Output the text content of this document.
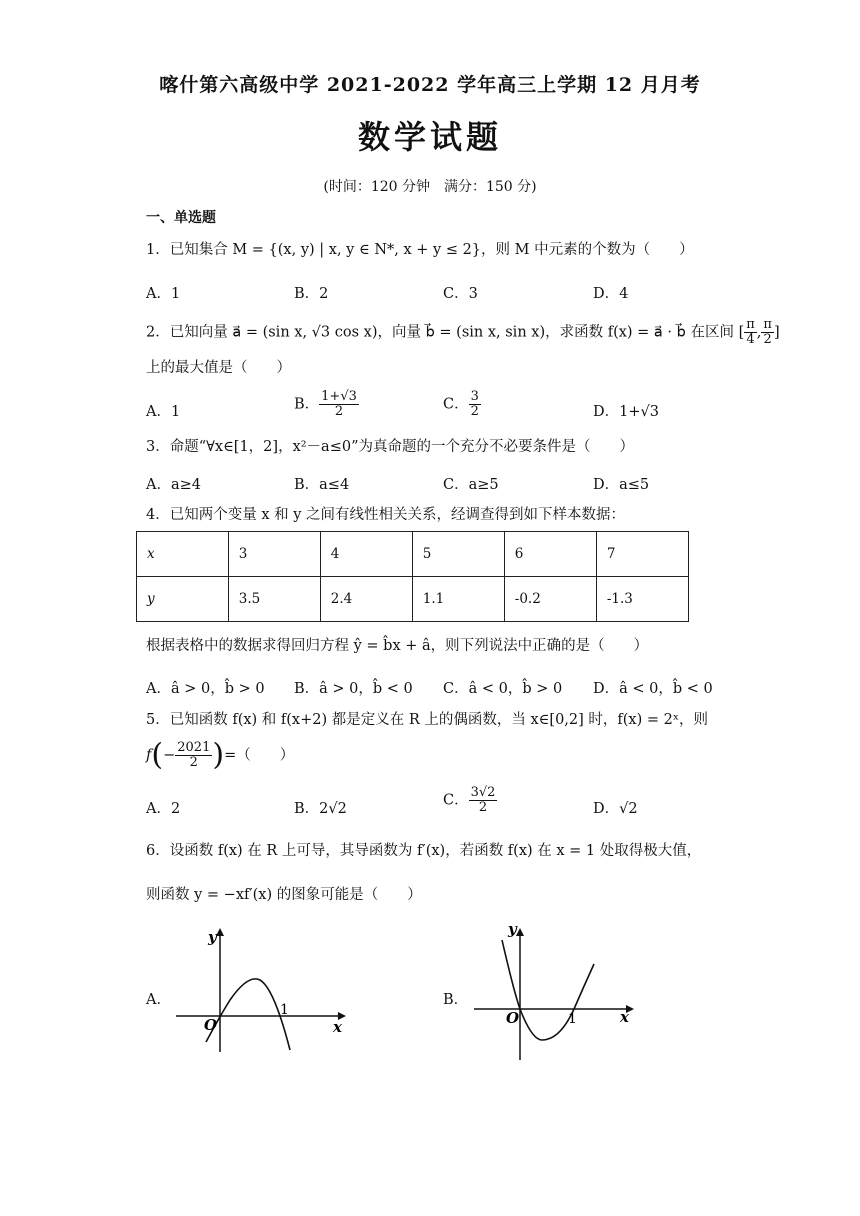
喀什第六高级中学 2021-2022 学年高三上学期 12 月月考
数学试题
(时间：120 分钟　满分：150 分)
一、单选题
1．已知集合 M = {(x, y) | x, y ∈ N*, x + y ≤ 2}，则 M 中元素的个数为（　　）
A．1	B．2	C．3	D．4
2．已知向量 a⃗ = (sin x, √3 cos x)，向量 b⃗ = (sin x, sin x)，求函数 f(x) = a⃗ · b⃗ 在区间 [ $\frac{\pi}{4}$ , $\frac{\pi}{2}$ ]
上的最大值是（　　）
A．1	B． $\frac{1+√3}{2}$	C． $\frac{3}{2}$	D．1+√3
3．命题“∀x∈[1，2]，x²－a≤0”为真命题的一个充分不必要条件是（　　）
A．a≥4	B．a≤4	C．a≥5	D．a≤5
4．已知两个变量 x 和 y 之间有线性相关关系，经调查得到如下样本数据：
x	3	4	5	6	7
y	3.5	2.4	1.1	-0.2	-1.3
根据表格中的数据求得回归方程 ŷ = b̂x + â，则下列说法中正确的是（　　）
A．â > 0，b̂ > 0 B．â > 0，b̂ < 0 C．â < 0，b̂ > 0 D．â < 0，b̂ < 0
5．已知函数 f(x) 和 f(x+2) 都是定义在 R 上的偶函数，当 x∈[0,2] 时，f(x) = 2ˣ，则
$f(- \frac{2021}{2}$ )=（　　）
A．2	B．2√2
C． $\frac{3√2}{2}$	D．√2
6．设函数 f(x) 在 R 上可导，其导函数为 f′(x)，若函数 f(x) 在 x = 1 处取得极大值，
则函数 y = −xf′(x) 的图象可能是（　　）
A．
y
x
O
1
B．
y
x
O	1
